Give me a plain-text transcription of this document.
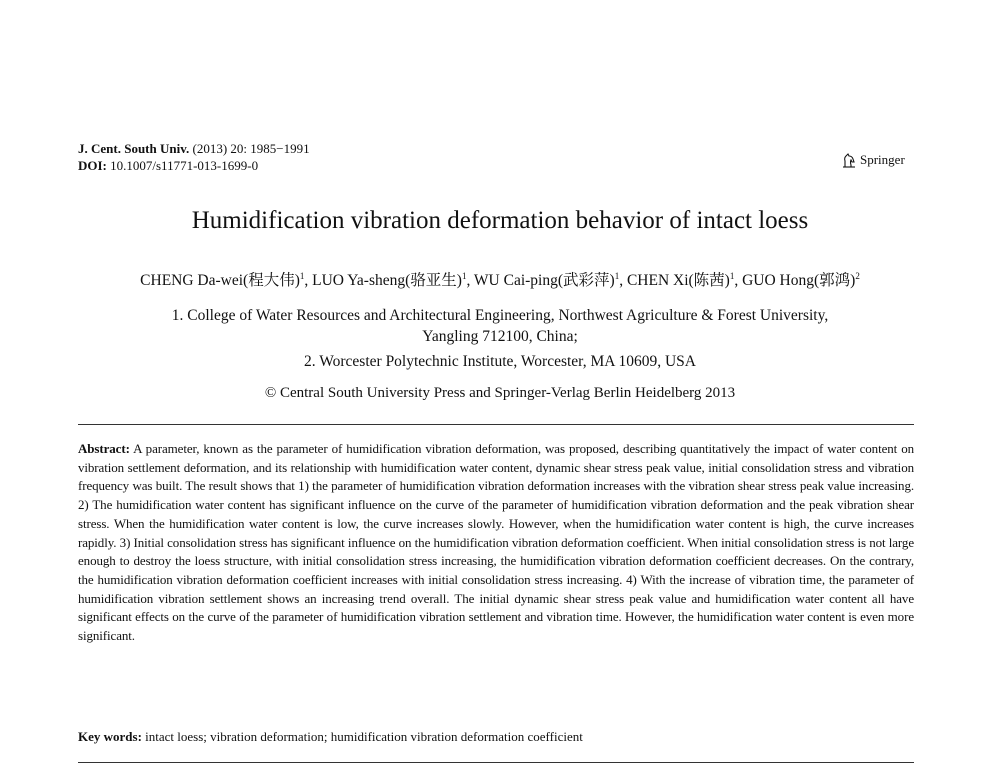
J. Cent. South Univ. (2013) 20: 1985−1991
DOI: 10.1007/s11771-013-1699-0	Springer
Humidification vibration deformation behavior of intact loess
CHENG Da-wei(程大伟)$^1$, LUO Ya-sheng(骆亚生)$^1$, WU Cai-ping(武彩萍)$^1$, CHEN Xi(陈茜)$^1$, GUO Hong(郭鸿)$^2$
1. College of Water Resources and Architectural Engineering, Northwest Agriculture & Forest University,
Yangling 712100, China;
2. Worcester Polytechnic Institute, Worcester, MA 10609, USA
© Central South University Press and Springer-Verlag Berlin Heidelberg 2013
Abstract: A parameter, known as the parameter of humidification vibration deformation, was proposed, describing quantitatively the impact of water content on vibration settlement deformation, and its relationship with humidification water content, dynamic shear stress peak value, initial consolidation stress and vibration frequency was built. The result shows that 1) the parameter of humidification vibration deformation increases with the vibration shear stress peak value increasing. 2) The humidification water content has significant influence on the curve of the parameter of humidification vibration deformation and the peak vibration shear stress. When the humidification water content is low, the curve increases slowly. However, when the humidification water content is high, the curve increases rapidly. 3) Initial consolidation stress has significant influence on the humidification vibration deformation coefficient. When initial consolidation stress is not large enough to destroy the loess structure, with initial consolidation stress increasing, the humidification vibration deformation coefficient decreases. On the contrary, the humidification vibration deformation coefficient increases with initial consolidation stress increasing. 4) With the increase of vibration time, the parameter of humidification vibration settlement shows an increasing trend overall. The initial dynamic shear stress peak value and humidification water content all have significant effects on the curve of the parameter of humidification vibration settlement and vibration time. However, the humidification water content is even more significant.
Key words: intact loess; vibration deformation; humidification vibration deformation coefficient
